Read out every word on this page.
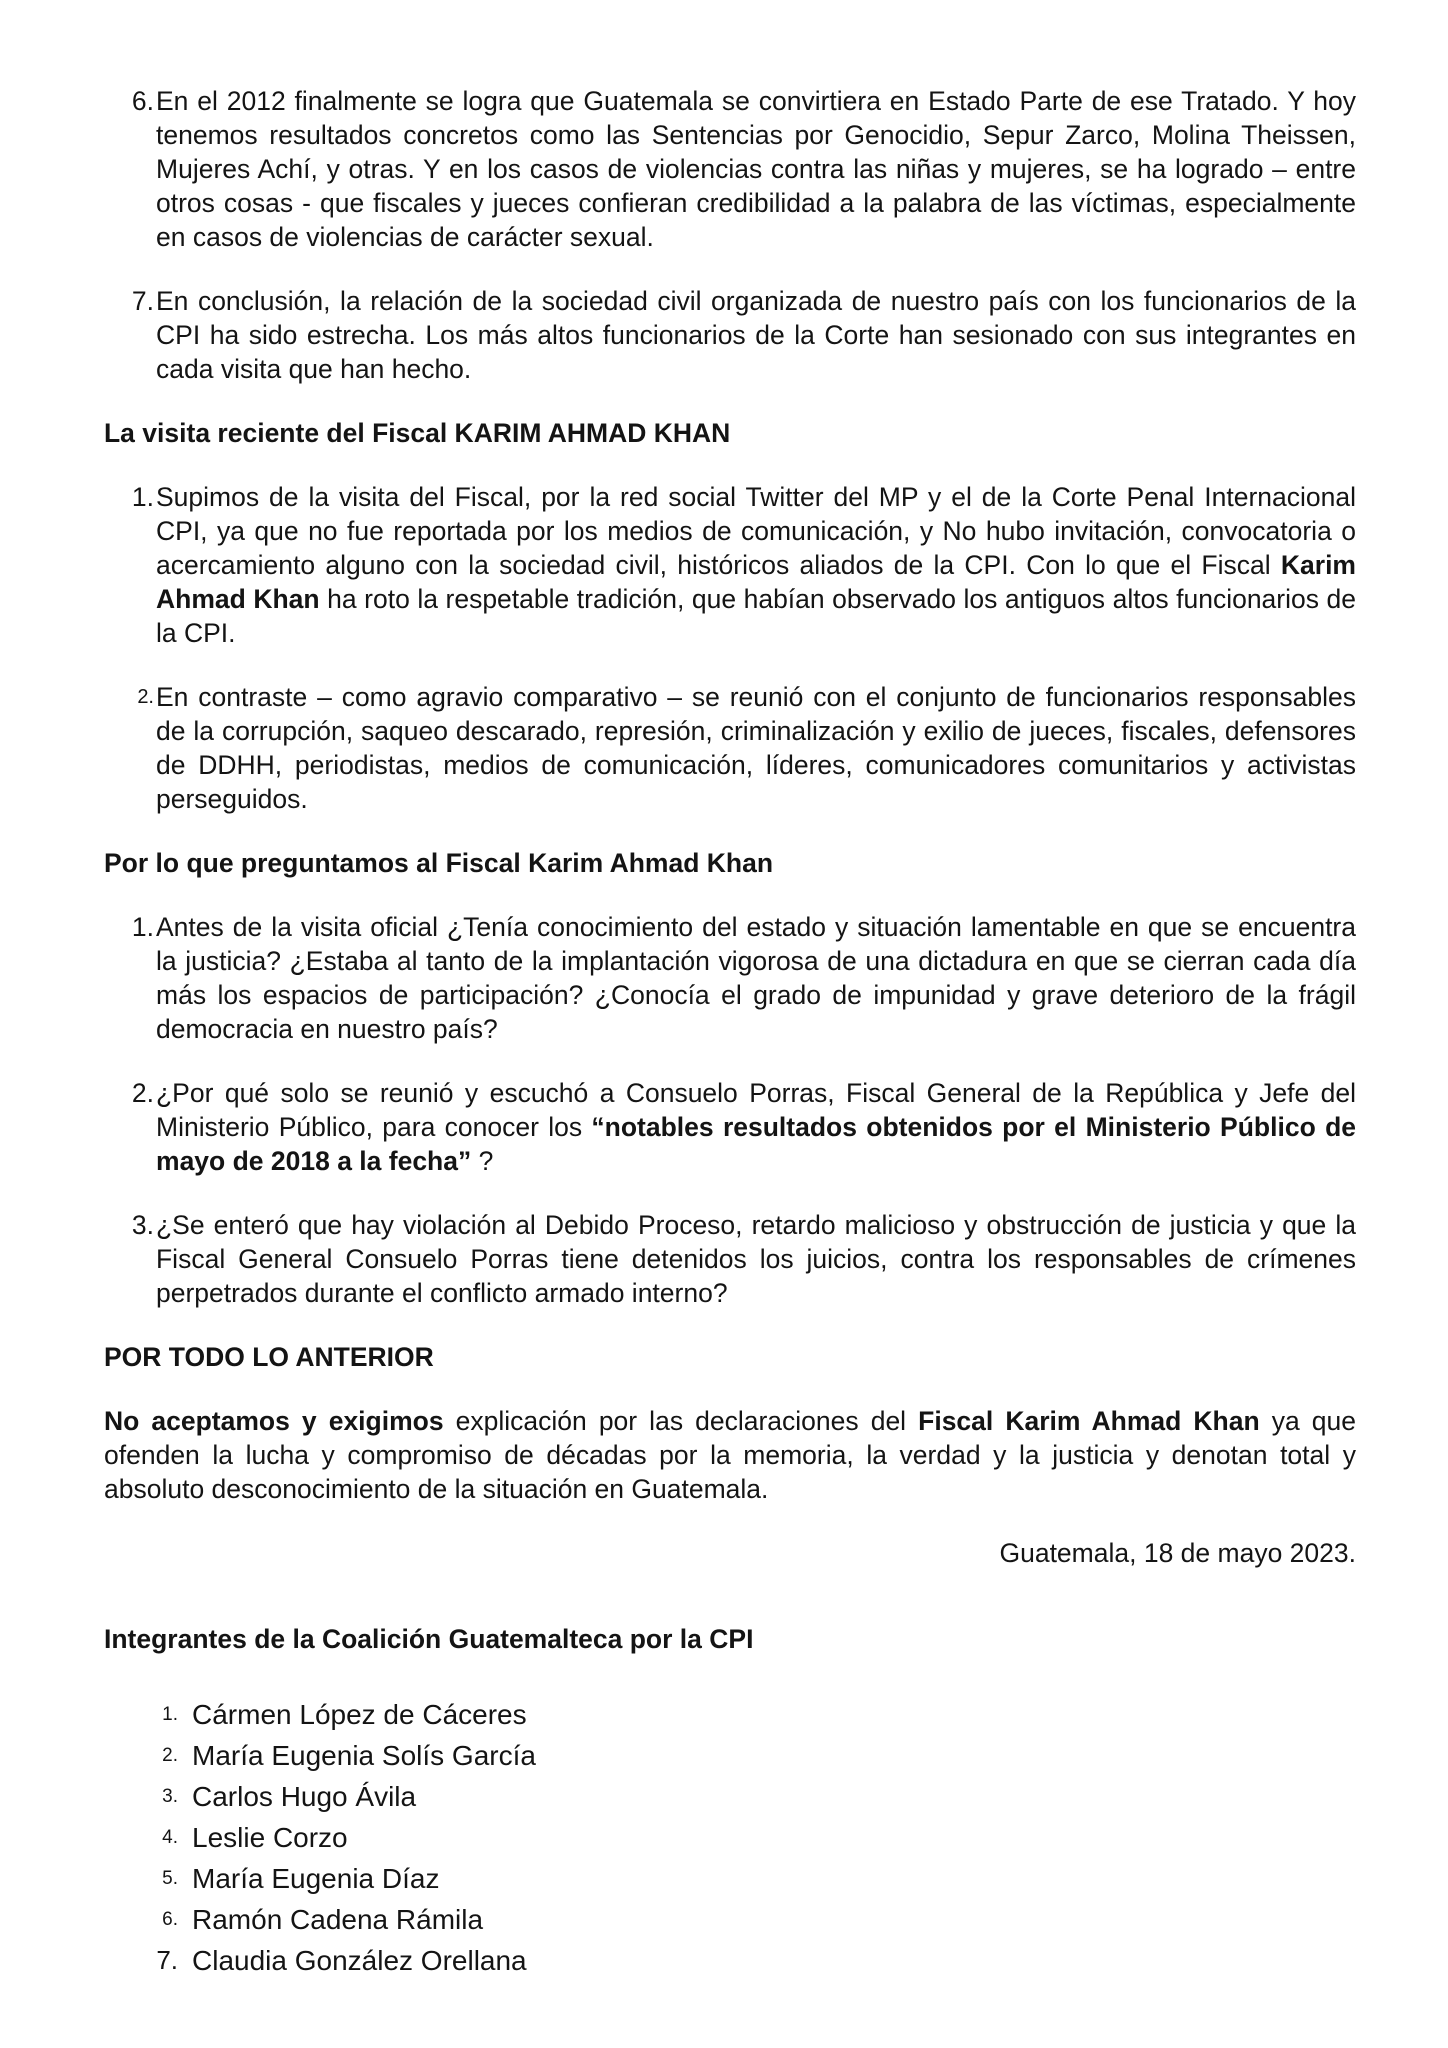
6. En el 2012 finalmente se logra que Guatemala se convirtiera en Estado Parte de ese Tratado. Y hoy tenemos resultados concretos como las Sentencias por Genocidio, Sepur Zarco, Molina Theissen, Mujeres Achí, y otras. Y en los casos de violencias contra las niñas y mujeres, se ha logrado – entre otros cosas - que fiscales y jueces confieran credibilidad a la palabra de las víctimas, especialmente en casos de violencias de carácter sexual.
7. En conclusión, la relación de la sociedad civil organizada de nuestro país con los funcionarios de la CPI ha sido estrecha. Los más altos funcionarios de la Corte han sesionado con sus integrantes en cada visita que han hecho.
La visita reciente del Fiscal KARIM AHMAD KHAN
1. Supimos de la visita del Fiscal, por la red social Twitter del MP y el de la Corte Penal Internacional CPI, ya que no fue reportada por los medios de comunicación, y No hubo invitación, convocatoria o acercamiento alguno con la sociedad civil, históricos aliados de la CPI. Con lo que el Fiscal Karim Ahmad Khan ha roto la respetable tradición, que habían observado los antiguos altos funcionarios de la CPI.
2. En contraste – como agravio comparativo – se reunió con el conjunto de funcionarios responsables de la corrupción, saqueo descarado, represión, criminalización y exilio de jueces, fiscales, defensores de DDHH, periodistas, medios de comunicación, líderes, comunicadores comunitarios y activistas perseguidos.
Por lo que preguntamos al Fiscal Karim Ahmad Khan
1. Antes de la visita oficial ¿Tenía conocimiento del estado y situación lamentable en que se encuentra la justicia? ¿Estaba al tanto de la implantación vigorosa de una dictadura en que se cierran cada día más los espacios de participación? ¿Conocía el grado de impunidad y grave deterioro de la frágil democracia en nuestro país?
2. ¿Por qué solo se reunió y escuchó a Consuelo Porras, Fiscal General de la República y Jefe del Ministerio Público, para conocer los “notables resultados obtenidos por el Ministerio Público de mayo de 2018 a la fecha” ?
3. ¿Se enteró que hay violación al Debido Proceso, retardo malicioso y obstrucción de justicia y que la Fiscal General Consuelo Porras tiene detenidos los juicios, contra los responsables de crímenes perpetrados durante el conflicto armado interno?
POR TODO LO ANTERIOR

No aceptamos y exigimos explicación por las declaraciones del Fiscal Karim Ahmad Khan ya que ofenden la lucha y compromiso de décadas por la memoria, la verdad y la justicia y denotan total y absoluto desconocimiento de la situación en Guatemala.

Guatemala, 18 de mayo 2023.
Integrantes de la Coalición Guatemalteca por la CPI
1. Cármen López de Cáceres
2. María Eugenia Solís García
3. Carlos Hugo Ávila
4. Leslie Corzo
5. María Eugenia Díaz
6. Ramón Cadena Rámila
7. Claudia González Orellana
